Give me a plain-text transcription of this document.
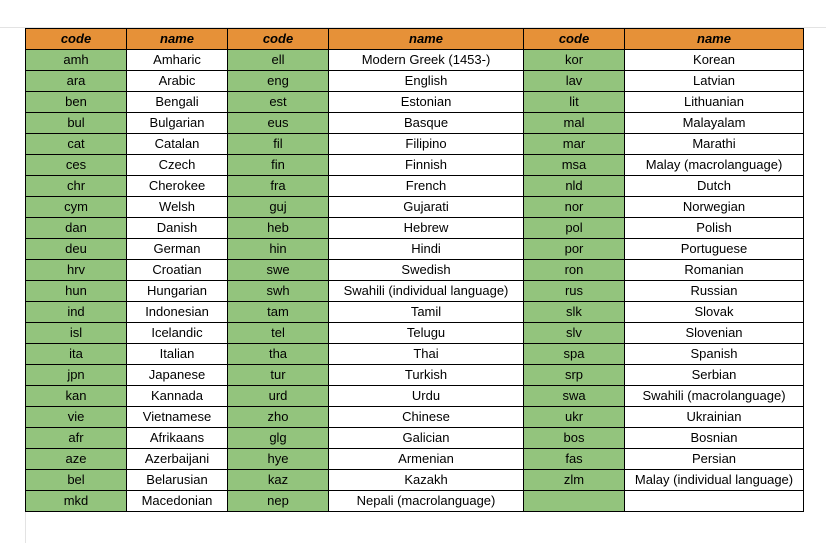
code	name	code	name	code	name
amh	Amharic	ell	Modern Greek (1453-)	kor	Korean
ara	Arabic	eng	English	lav	Latvian
ben	Bengali	est	Estonian	lit	Lithuanian
bul	Bulgarian	eus	Basque	mal	Malayalam
cat	Catalan	fil	Filipino	mar	Marathi
ces	Czech	fin	Finnish	msa	Malay (macrolanguage)
chr	Cherokee	fra	French	nld	Dutch
cym	Welsh	guj	Gujarati	nor	Norwegian
dan	Danish	heb	Hebrew	pol	Polish
deu	German	hin	Hindi	por	Portuguese
hrv	Croatian	swe	Swedish	ron	Romanian
hun	Hungarian	swh	Swahili (individual language)	rus	Russian
ind	Indonesian	tam	Tamil	slk	Slovak
isl	Icelandic	tel	Telugu	slv	Slovenian
ita	Italian	tha	Thai	spa	Spanish
jpn	Japanese	tur	Turkish	srp	Serbian
kan	Kannada	urd	Urdu	swa	Swahili (macrolanguage)
vie	Vietnamese	zho	Chinese	ukr	Ukrainian
afr	Afrikaans	glg	Galician	bos	Bosnian
aze	Azerbaijani	hye	Armenian	fas	Persian
bel	Belarusian	kaz	Kazakh	zlm	Malay (individual language)
mkd	Macedonian	nep	Nepali (macrolanguage)		
